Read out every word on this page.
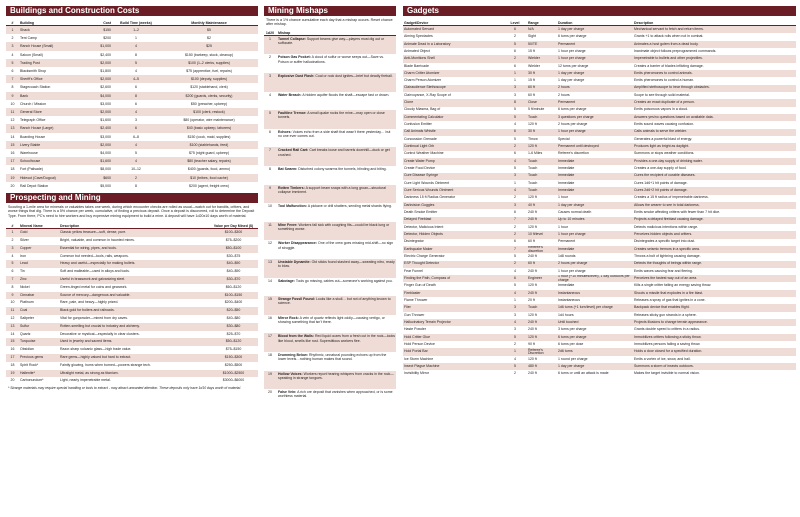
Buildings and Construction Costs
#	Building	Cost	Build Time (weeks)	Monthly Maintenance
1	Shack	$150	1–2	$5
2	Tent Camp	$200	1	$2
3	Ranch House (Small)	$1,000	4	$25
4	Saloon (Small)	$2,400	8	$150 (barkeep, stock, cleanup)
5	Trading Post	$2,000	5	$100 (1–2 clerks, supplies)
6	Blacksmith Shop	$1,800	4	$75 (apprentice, fuel, repairs)
7	Sheriff's Office	$2,000	4–5	$100 (deputy, supplies)
8	Stagecoach Station	$2,600	6	$120 (stablehand, clerk)
9	Bank	$4,000	8	$200 (guards, clerks, security)
10	Church / Mission	$3,000	6	$50 (preacher, upkeep)
11	General Store	$2,000	4	$100 (clerk, restock)
12	Telegraph Office	$1,600	3	$80 (operator, wire maintenance)
13	Ranch House (Large)	$2,400	6	$40 (basic upkeep, laborers)
14	Boarding House	$3,000	6–8	$150 (cook, maid, supplies)
15	Livery Stable	$2,000	4	$100 (stablehands, feed)
16	Warehouse	$4,000	5	$75 (night guard, upkeep)
17	Schoolhouse	$1,600	4	$80 (teacher salary, repairs)
18	Fort (Palisade)	$8,000	10–12	$400 (guards, food, ammo)
19	Hideout (Cave/Dugout)	$600	2	$10 (bribes, food cache)
20	Rail Depot Station	$5,000	8	$200 (agent, freight crew)
Prospecting and Mining
Scouting a 1-mile area for minerals or valuables takes one week, during which encounter checks are rolled as usual—watch out for bandits, critters, and worse things that dig. There is a 5% chance per week, cumulative, of finding a precious deposit. Once a deposit is discovered, roll to determine the Deposit Type. From there, PC's need to hire workers and buy expensive mining equipment to build a mine. A deposit will have 1d20x10 days worth of material.
#	Mineral Name	Description	Value per Day Mined ($)
1	Gold	Classic yellow treasure—soft, dense, pure.	$100–$300
2	Silver	Bright, valuable, and common in haunted mines.	$75–$200
3	Copper	Essential for wiring, pipes, and tools.	$50–$100
4	Iron	Common but needed—tools, rails, weapons.	$30–$75
5	Lead	Heavy and useful—especially for making bullets.	$40–$90
6	Tin	Soft and malleable—used in alloys and tools.	$40–$90
7	Zinc	Useful in brasswork and galvanizing steel.	$30–$70
8	Nickel	Green-tinged metal for coins and gearwork.	$60–$120
9	Cinnabar	Source of mercury—dangerous and valuable.	$100–$150
10	Platinum	Rare, pale, and heavy—highly prized.	$200–$400
11	Coal	Black gold for boilers and railroads.	$20–$50
12	Saltpeter	Vital for gunpowder—mined from dry caves.	$40–$80
13	Sulfur	Rotten-smelling but crucial to industry and alchemy.	$30–$80
14	Quartz	Decorative or mystical—especially in clear clusters.	$25–$70
15	Turquoise	Used in jewelry and sacred items.	$50–$120
16	Obsidian	Razor-sharp volcanic glass—high trade value.	$75–$150
17	Precious gems	Rare gems—highly valued but hard to extract.	$150–$300
18	Spirit Rock*	Faintly glowing, hums when burned—powers strange tech.	$250–$500
19	Hallenite*	Ultralight metal, as strong as titanium.	$1000–$2500
20	Carbonundum*	Light, nearly impenetrable metal.	$3000–$6000
* Strange materials may require special handling or tools to extract - may attract unwanted attention. These deposits only have 1d10 days worth of material.
Mining Mishaps
There is a 1% chance cumulative each day that a mishap occurs. Reset chance after mishap.
1d20	Mishap
1	Tunnel Collapse: Support beams give way—players must dig out or suffocate.
2	Poison Gas Pocket: A cloud of sulfur or worse seeps out—Save vs. Poison or suffer hallucinations.
3	Explosive Dust Flash: Coal or rock dust ignites—brief but deadly fireball.
4	Water Breach: A hidden aquifer floods the shaft—escape fast or drown.
5	Faultline Tremor: A small quake rocks the mine—may open or close tunnels.
6	Echoes: Voices echo from a side shaft that wasn't there yesterday… but no one ever comes out.
7	Cracked Rail Cart: Cart breaks loose and barrels downhill—duck or get crushed.
8	Bat Swarm: Disturbed colony swarms the tunnels, blinding and biting.
9	Rotten Timbers: A support beam snaps with a long groan—structural collapse imminent.
10	Tool Malfunction: A pickaxe or drill shatters, sending metal shards flying.
11	Mine Fever: Workers fall sick with coughing fits—could be black lung or something worse.
12	Worker Disappearance: One of the crew goes missing mid-shift—no sign of struggle.
13	Unstable Dynamite: Old sticks found stashed away—sweating nitro, ready to blow.
14	Sabotage: Tools go missing, cables cut—someone's working against you.
15	Strange Fossil Found: Looks like a skull… but not of anything known to science.
16	Mirror Rock: A vein of quartz reflects light oddly—causing vertigo, or showing something that isn't there.
17	Blood from the Walls: Red liquid oozes from a fresh cut in the rock—looks like blood, smells like rust. Superstitious workers flee.
18	Drumming Below: Rhythmic, unnatural pounding echoes up from the lower levels…nothing human makes that sound.
19	Hollow Voices: Workers report hearing whispers from cracks in the rock—speaking in strange tongues.
20	False Vein: A rich ore deposit that vanishes when approached, or is some worthless material.
Gadgets
Gadget/Device	Level	Range	Duration	Description
Automated Servant	6	N/A	1 day per charge	Mechanical servant to fetch and return items.
Aiming Spectacles	2	Sight	6 turns per charge	Grants +1 to attack rolls when not in combat.
Animate Dead in a Laboratory	5	50/TE	Permanent	Animates a host golem from a dead body.
Animated Object	6	15 ft	1 hour per charge	Inanimate object follows preprogrammed commands.
Anti-Munitions Shell	2	Wielder	1 hour per charge	Impenetrable to bullets and other projectiles.
Blade Barricade	6	Wielder	12 turns per charge	Creates a barrier of blades inflicting damage.
Charm Critter Atomizer	1	30 ft	1 day per charge	Emits pheromones to control animals.
Charm Person Atomizer	1	15 ft	1 day per charge	Emits pheromones to control a human.
Clairaudience Stethoscope	3	60 ft	2 hours	Amplified stethoscope to hear through obstacles.
Clairvoyance, X-Ray Scope of	3	60 ft	2 hours	Scope to see through solid material.
Clone	8	Close	Permanent	Creates an exact duplicate of a person.
Cloudy Miasma, Bag of	5	5 ft/minute	6 turns per charge	Emits poisonous vapors in a cloud.
Commentating Calculator	5	Touch	3 questions per charge	Answers yes/no questions based on available data.
Confusion Emitter	4	120 ft	2 hours per charge	Emits sound waves causing confusion.
Call Animals Whistle	6	30 ft	1 hour per charge	Calls animals to serve the wielder.
Concussion Grenade	5	Throw	Special	Generates a powerful blast of energy.
Continual Light Orb	2	120 ft	Permanent until destroyed	Produces light as bright as daylight.
Control Weather Machine	6	1-6 Miles	Referee's discretion	Summons or stops weather conditions.
Create Water Pump	4	Touch	Immediate	Provides a one-day supply of drinking water.
Create Food Device	5	Touch	Immediate	Creates a one-day supply of food.
Cure Disease Syringe	3	Touch	Immediate	Cures the recipient of curable diseases.
Cure Light Wounds Ointment	1	Touch	Immediate	Cures 1d6+1 hit points of damage.
Cure Serious Wounds Ointment	4	Touch	Immediate	Cures 2d6+2 hit points of damage.
Darkness 15 ft Radius Generator	2	120 ft	1 hour	Creates a 15 ft radius of impenetrable darkness.
Darkvision Goggles	3	40 ft	1 day per charge	Allows the wearer to see in total darkness.
Death Smoke Emitter	6	240 ft	Causes normal death	Emits smoke affecting critters with fewer than 7 hit dice.
Delayed Fireblast	7	240 ft	Up to 10 minutes	Projects a delayed fireblast causing damage.
Detector, Malicious Intent	2	120 ft	1 hour	Detects malicious intentions within range.
Detector, Hidden Objects	2	10 ft/level	1 hour per charge	Perceives hidden objects and critters.
Disintegrator	6	60 ft	Permanent	Disintegrates a specific target into dust.
Earthquake Maker	7	Referee's discretion	Immediate	Creates seismic tremors in a specific area.
Electric Charge Generator	5	240 ft	1d8 rounds	Throws a bolt of lightning causing damage.
ESP Thought Detector	2	60 ft	2 hours per charge	Detects the thoughts of beings within range.
Fear Funnel	4	240 ft	1 hour per charge	Emits waves causing fear and fleeing.
Finding the Path, Compass of	6	Engineer	1 hour (+10 minutes/level), 1 day outdoors per charge	Perceives the fastest way out of an area.
Finger Gun of Death	5	120 ft	Immediate	Kills a single critter failing an energy saving throw.
Fireblaster	4	240 ft	Instantaneous	Shoots a missile that explodes in a fire blast.
Flame Thrower	1	20 ft	Instantaneous	Releases a spray of gas that ignites in a cone.
Flier	3	Touch	1d6 turns (+1 turn/level) per charge	Backpack device that enables flight.
Gun Thrower	3	120 ft	1d4 hours	Releases sticky gun strands in a sphere.
Hallucinatory Terrain Projector	4	240 ft	Until touched	Projects illusions to change terrain appearance.
Haste Powder	3	240 ft	3 turns per charge	Grants double speed to critters in a radius.
Hold Critter Glue	5	120 ft	6 turns per charge	Immobilizes critters following a sticky throw.
Hold Person Device	2	90 ft	6 turns per dose	Immobilizes persons failing a saving throw.
Hold Portal Bar	1	Referee's Discretion	2d6 turns	Holds a door closed for a specified duration.
Ice Storm Machine	4	120 ft	1 round per charge	Emits a vortex of ice, snow, and hail.
Insect Plague Machine	5	480 ft	1 day per charge	Summons a storm of insects outdoors.
Invisibility Mirror	2	240 ft	6 turns or until an attack is made	Makes the target invisible to normal vision.
